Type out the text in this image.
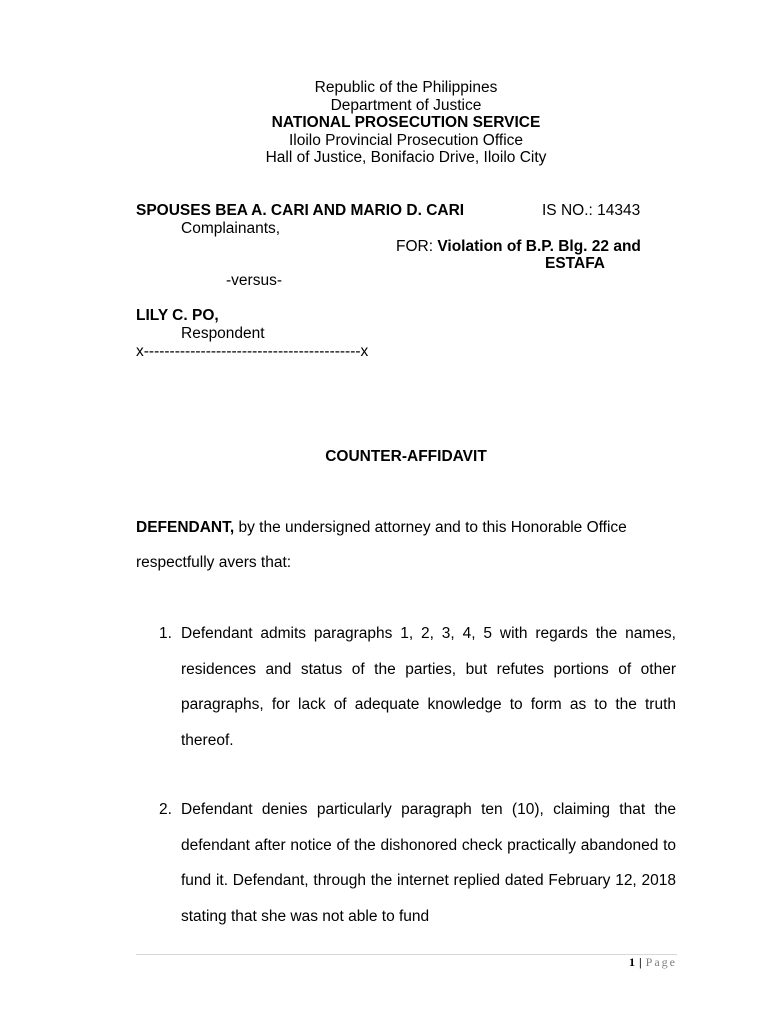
Republic of the Philippines
Department of Justice
NATIONAL PROSECUTION SERVICE
Iloilo Provincial Prosecution Office
Hall of Justice, Bonifacio Drive, Iloilo City
SPOUSES BEA A. CARI AND MARIO D. CARI	IS NO.: 14343
Complainants,
FOR: Violation of B.P. Blg. 22 and
ESTAFA
-versus-
LILY C. PO,
Respondent
x------------------------------------------x
COUNTER-AFFIDAVIT
DEFENDANT, by the undersigned attorney and to this Honorable Office respectfully avers that:
1. Defendant admits paragraphs 1, 2, 3, 4, 5 with regards the names, residences and status of the parties, but refutes portions of other paragraphs, for lack of adequate knowledge to form as to the truth thereof.
2. Defendant denies particularly paragraph ten (10), claiming that the defendant after notice of the dishonored check practically abandoned to fund it. Defendant, through the internet replied dated February 12, 2018 stating that she was not able to fund
1 | Page
